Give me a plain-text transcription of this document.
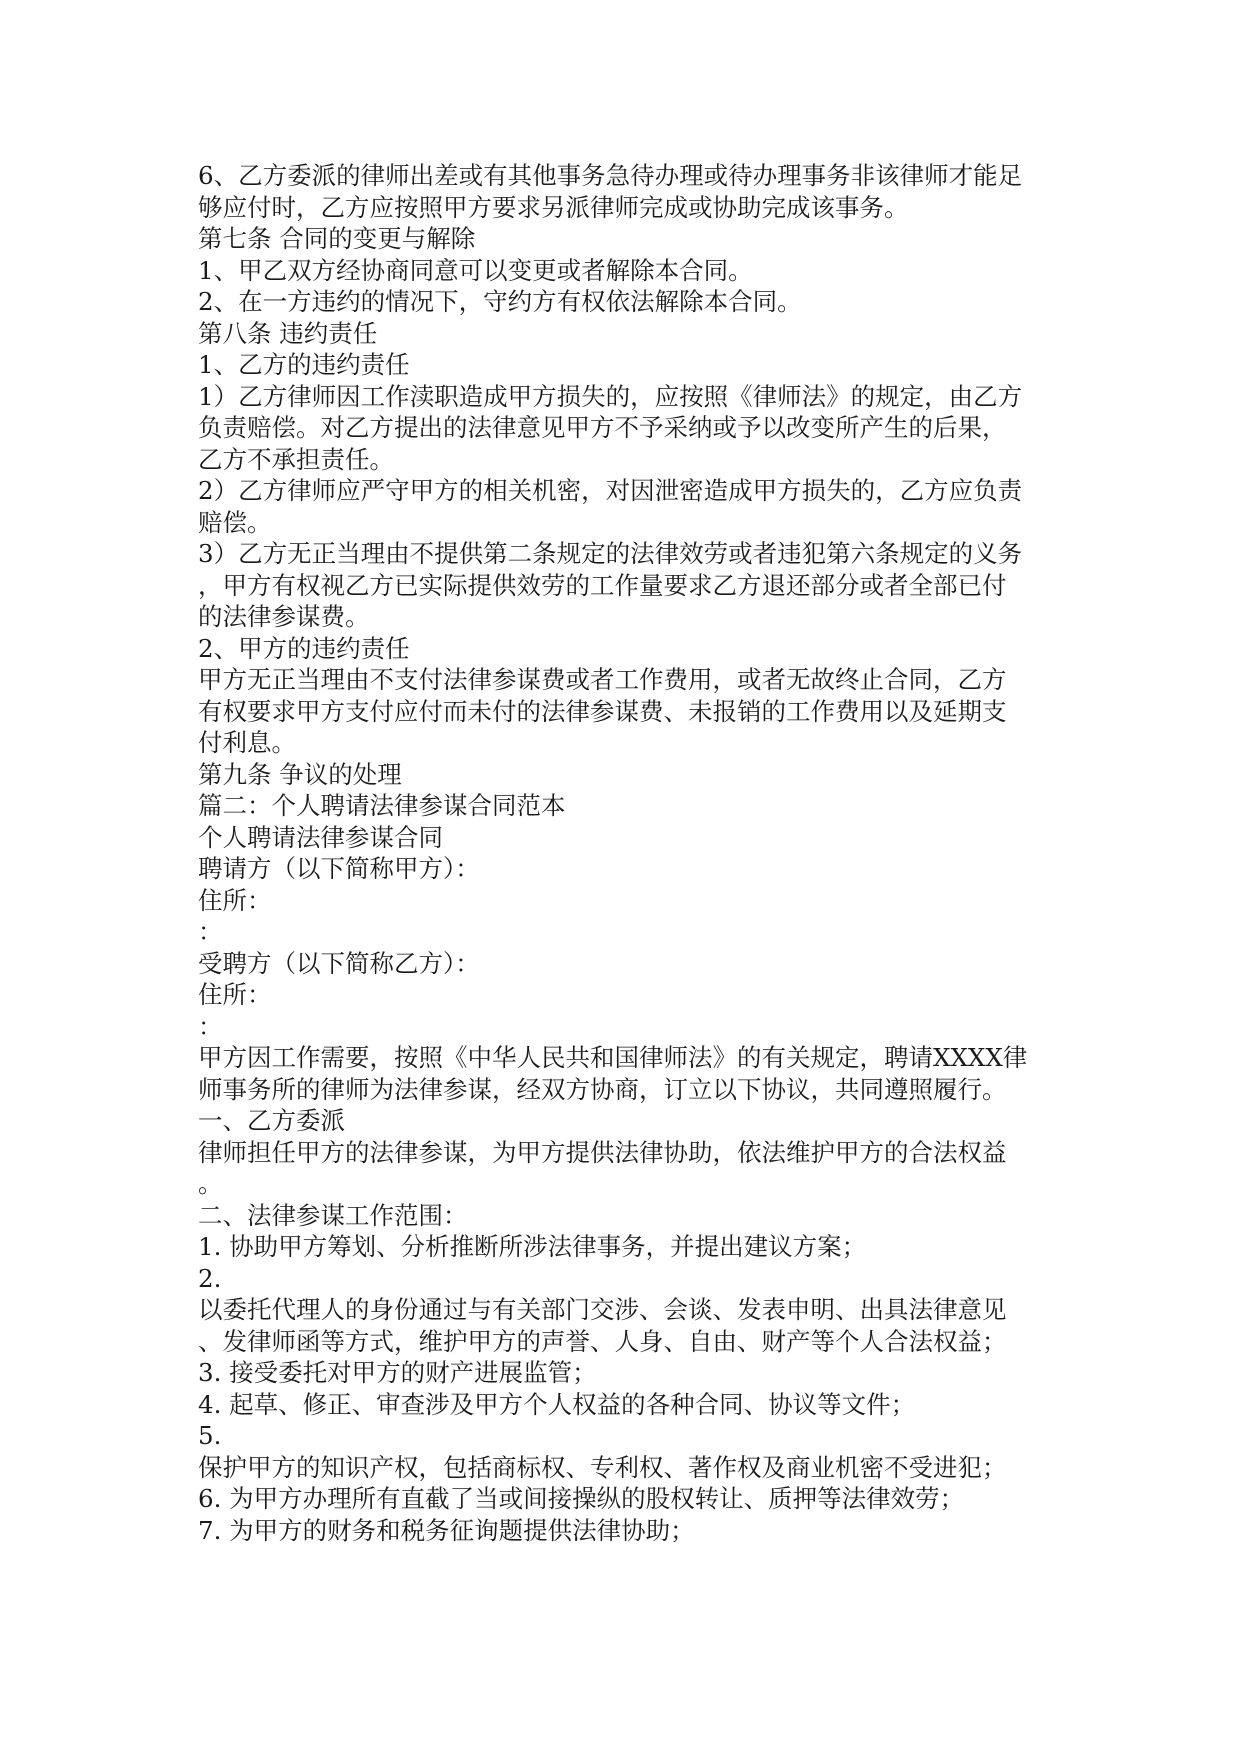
6、乙方委派的律师出差或有其他事务急待办理或待办理事务非该律师才能足

够应付时，乙方应按照甲方要求另派律师完成或协助完成该事务。

第七条 合同的变更与解除

1、甲乙双方经协商同意可以变更或者解除本合同。

2、在一方违约的情况下，守约方有权依法解除本合同。

第八条 违约责任

1、乙方的违约责任

1）乙方律师因工作渎职造成甲方损失的，应按照《律师法》的规定，由乙方

负责赔偿。对乙方提出的法律意见甲方不予采纳或予以改变所产生的后果，

乙方不承担责任。

2）乙方律师应严守甲方的相关机密，对因泄密造成甲方损失的，乙方应负责

赔偿。

3）乙方无正当理由不提供第二条规定的法律效劳或者违犯第六条规定的义务

，甲方有权视乙方已实际提供效劳的工作量要求乙方退还部分或者全部已付

的法律参谋费。

2、甲方的违约责任

甲方无正当理由不支付法律参谋费或者工作费用，或者无故终止合同，乙方

有权要求甲方支付应付而未付的法律参谋费、未报销的工作费用以及延期支

付利息。

第九条 争议的处理

篇二：个人聘请法律参谋合同范本

个人聘请法律参谋合同

聘请方（以下简称甲方）：

住所：

：

受聘方（以下简称乙方）：

住所：

：

甲方因工作需要，按照《中华人民共和国律师法》的有关规定，聘请XXXX律

师事务所的律师为法律参谋，经双方协商，订立以下协议，共同遵照履行。

一、乙方委派

律师担任甲方的法律参谋，为甲方提供法律协助，依法维护甲方的合法权益

。

二、法律参谋工作范围：

1. 协助甲方筹划、分析推断所涉法律事务，并提出建议方案；

2.

以委托代理人的身份通过与有关部门交涉、会谈、发表申明、出具法律意见

、发律师函等方式，维护甲方的声誉、人身、自由、财产等个人合法权益；

3. 接受委托对甲方的财产进展监管；

4. 起草、修正、审查涉及甲方个人权益的各种合同、协议等文件；

5.

保护甲方的知识产权，包括商标权、专利权、著作权及商业机密不受进犯；

6. 为甲方办理所有直截了当或间接操纵的股权转让、质押等法律效劳；

7. 为甲方的财务和税务征询题提供法律协助；
